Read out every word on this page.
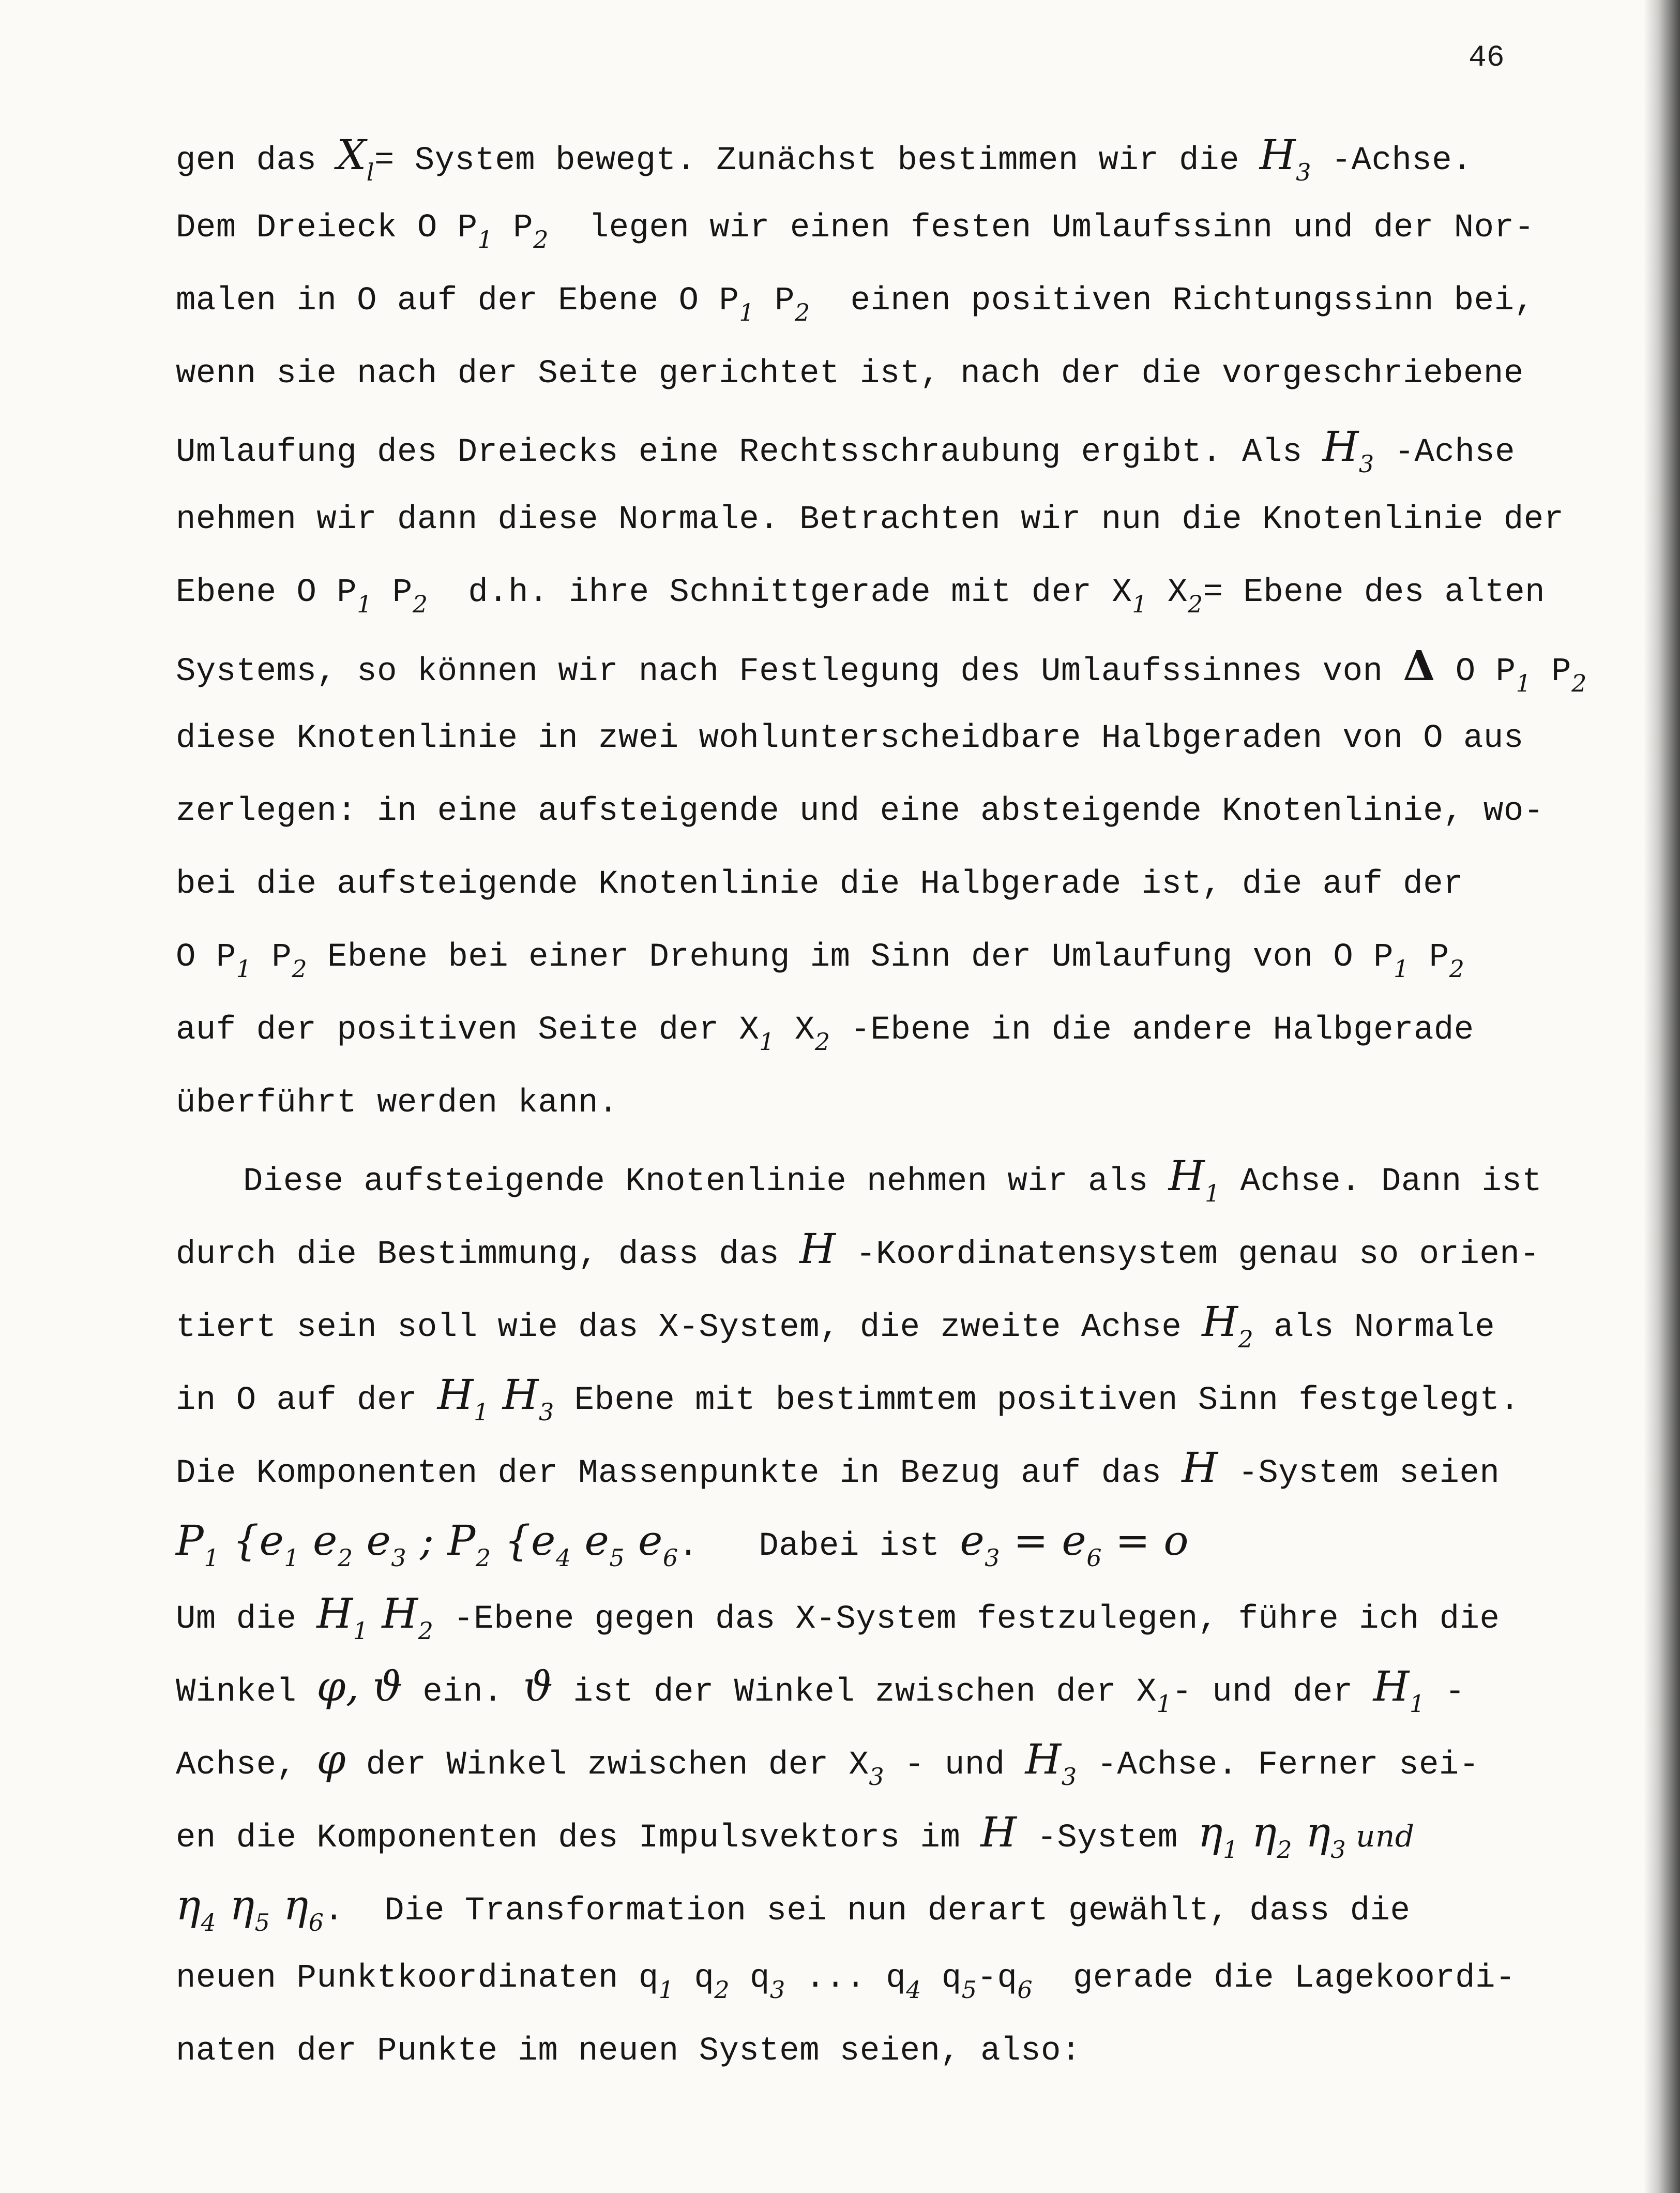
46
gen das $X_l=$ System bewegt. Zunächst bestimmen wir die $H_3$ -Achse.
Dem Dreieck O $P_1$ $P_2$  legen wir einen festen Umlaufssinn und der Nor-
malen in O auf der Ebene O $P_1$ $P_2$  einen positiven Richtungssinn bei,
wenn sie nach der Seite gerichtet ist, nach der die vorgeschriebene
Umlaufung des Dreiecks eine Rechtsschraubung ergibt. Als $H_3$ -Achse
nehmen wir dann diese Normale. Betrachten wir nun die Knotenlinie der
Ebene O $P_1$ $P_2$  d.h. ihre Schnittgerade mit der $X_1$ $X_2=$ Ebene des alten
Systems, so können wir nach Festlegung des Umlaufssinnes von Δ O $P_1$ $P_2$
diese Knotenlinie in zwei wohlunterscheidbare Halbgeraden von O aus
zerlegen: in eine aufsteigende und eine absteigende Knotenlinie, wo-
bei die aufsteigende Knotenlinie die Halbgerade ist, die auf der
O $P_1$ $P_2$ Ebene bei einer Drehung im Sinn der Umlaufung von O $P_1$ $P_2$
auf der positiven Seite der $X_1$ $X_2$ -Ebene in die andere Halbgerade
überführt werden kann.
Diese aufsteigende Knotenlinie nehmen wir als $H_1$ Achse. Dann ist
durch die Bestimmung, dass das H -Koordinatensystem genau so orien-
tiert sein soll wie das X-System, die zweite Achse $H_2$ als Normale
in O auf der $H_1$ $H_3$ Ebene mit bestimmtem positiven Sinn festgelegt.
Die Komponenten der Massenpunkte in Bezug auf das H -System seien
$P_1$ {$e_1$ $e_2$ $e_3$ ; $P_2$ {$e_4$ $e_5$ $e_6$.   Dabei ist $e_3 = e_6 = o$
Um die $H_1$ $H_2$ -Ebene gegen das X-System festzulegen, führe ich die
Winkel φ, ϑ ein. ϑ ist der Winkel zwischen der $X_1-$ und der $H_1$ -
Achse, φ der Winkel zwischen der $X_3$ - und $H_3$ -Achse. Ferner sei-
en die Komponenten des Impulsvektors im H -System $\eta_1$ $\eta_2$ $\eta_3$ und
$\eta_4$ $\eta_5$ $\eta_6$.  Die Transformation sei nun derart gewählt, dass die
neuen Punktkoordinaten $q_1$ $q_2$ $q_3$ ... $q_4$ $q_5-q_6$  gerade die Lagekoordi-
naten der Punkte im neuen System seien, also:
